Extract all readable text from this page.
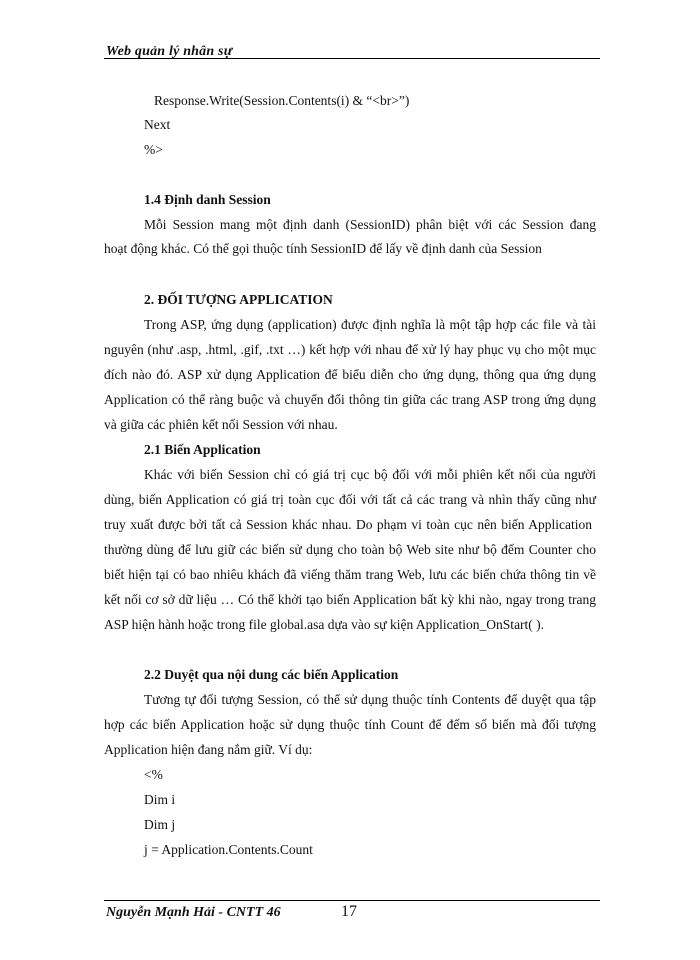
Web quản lý nhân sự
Response.Write(Session.Contents(i) & “<br>”)
Next
%>
1.4 Định danh Session
Mỗi Session mang một định danh (SessionID) phân biệt với các Session đang
hoạt động khác. Có thể gọi thuộc tính SessionID để lấy về định danh của Session
2. ĐỐI TƯỢNG APPLICATION
Trong ASP, ứng dụng (application) được định nghĩa là một tập hợp các file và tài
nguyên (như .asp, .html, .gif, .txt …) kết hợp với nhau để xử lý hay phục vụ cho một mục
đích nào đó. ASP xử dụng Application để biểu diễn cho ứng dụng, thông qua ứng dụng
Application có thể ràng buộc và chuyển đổi thông tin giữa các trang ASP trong ứng dụng
và giữa các phiên kết nối Session với nhau.
2.1 Biến Application
Khác với biến Session chỉ có giá trị cục bộ đối với mỗi phiên kết nối của người
dùng, biến Application có giá trị toàn cục đối với tất cả các trang và nhìn thấy cũng như
truy xuất được bởi tất cả Session khác nhau. Do phạm vi toàn cục nên biến Application
thường dùng để lưu giữ các biến sử dụng cho toàn bộ Web site như bộ đếm Counter cho
biết hiện tại có bao nhiêu khách đã viếng thăm trang Web, lưu các biến chứa thông tin về
kết nối cơ sở dữ liệu … Có thể khởi tạo biến Application bất kỳ khi nào, ngay trong trang
ASP hiện hành hoặc trong file global.asa dựa vào sự kiện Application_OnStart( ).
2.2 Duyệt qua nội dung các biến Application
Tương tự đối tượng Session, có thể sử dụng thuộc tính Contents để duyệt qua tập
hợp các biến Application hoặc sử dụng thuộc tính Count để đếm số biến mà đối tượng
Application hiện đang nắm giữ. Ví dụ:
<%
Dim i
Dim j
j = Application.Contents.Count
Nguyễn Mạnh Hải - CNTT 46	17
